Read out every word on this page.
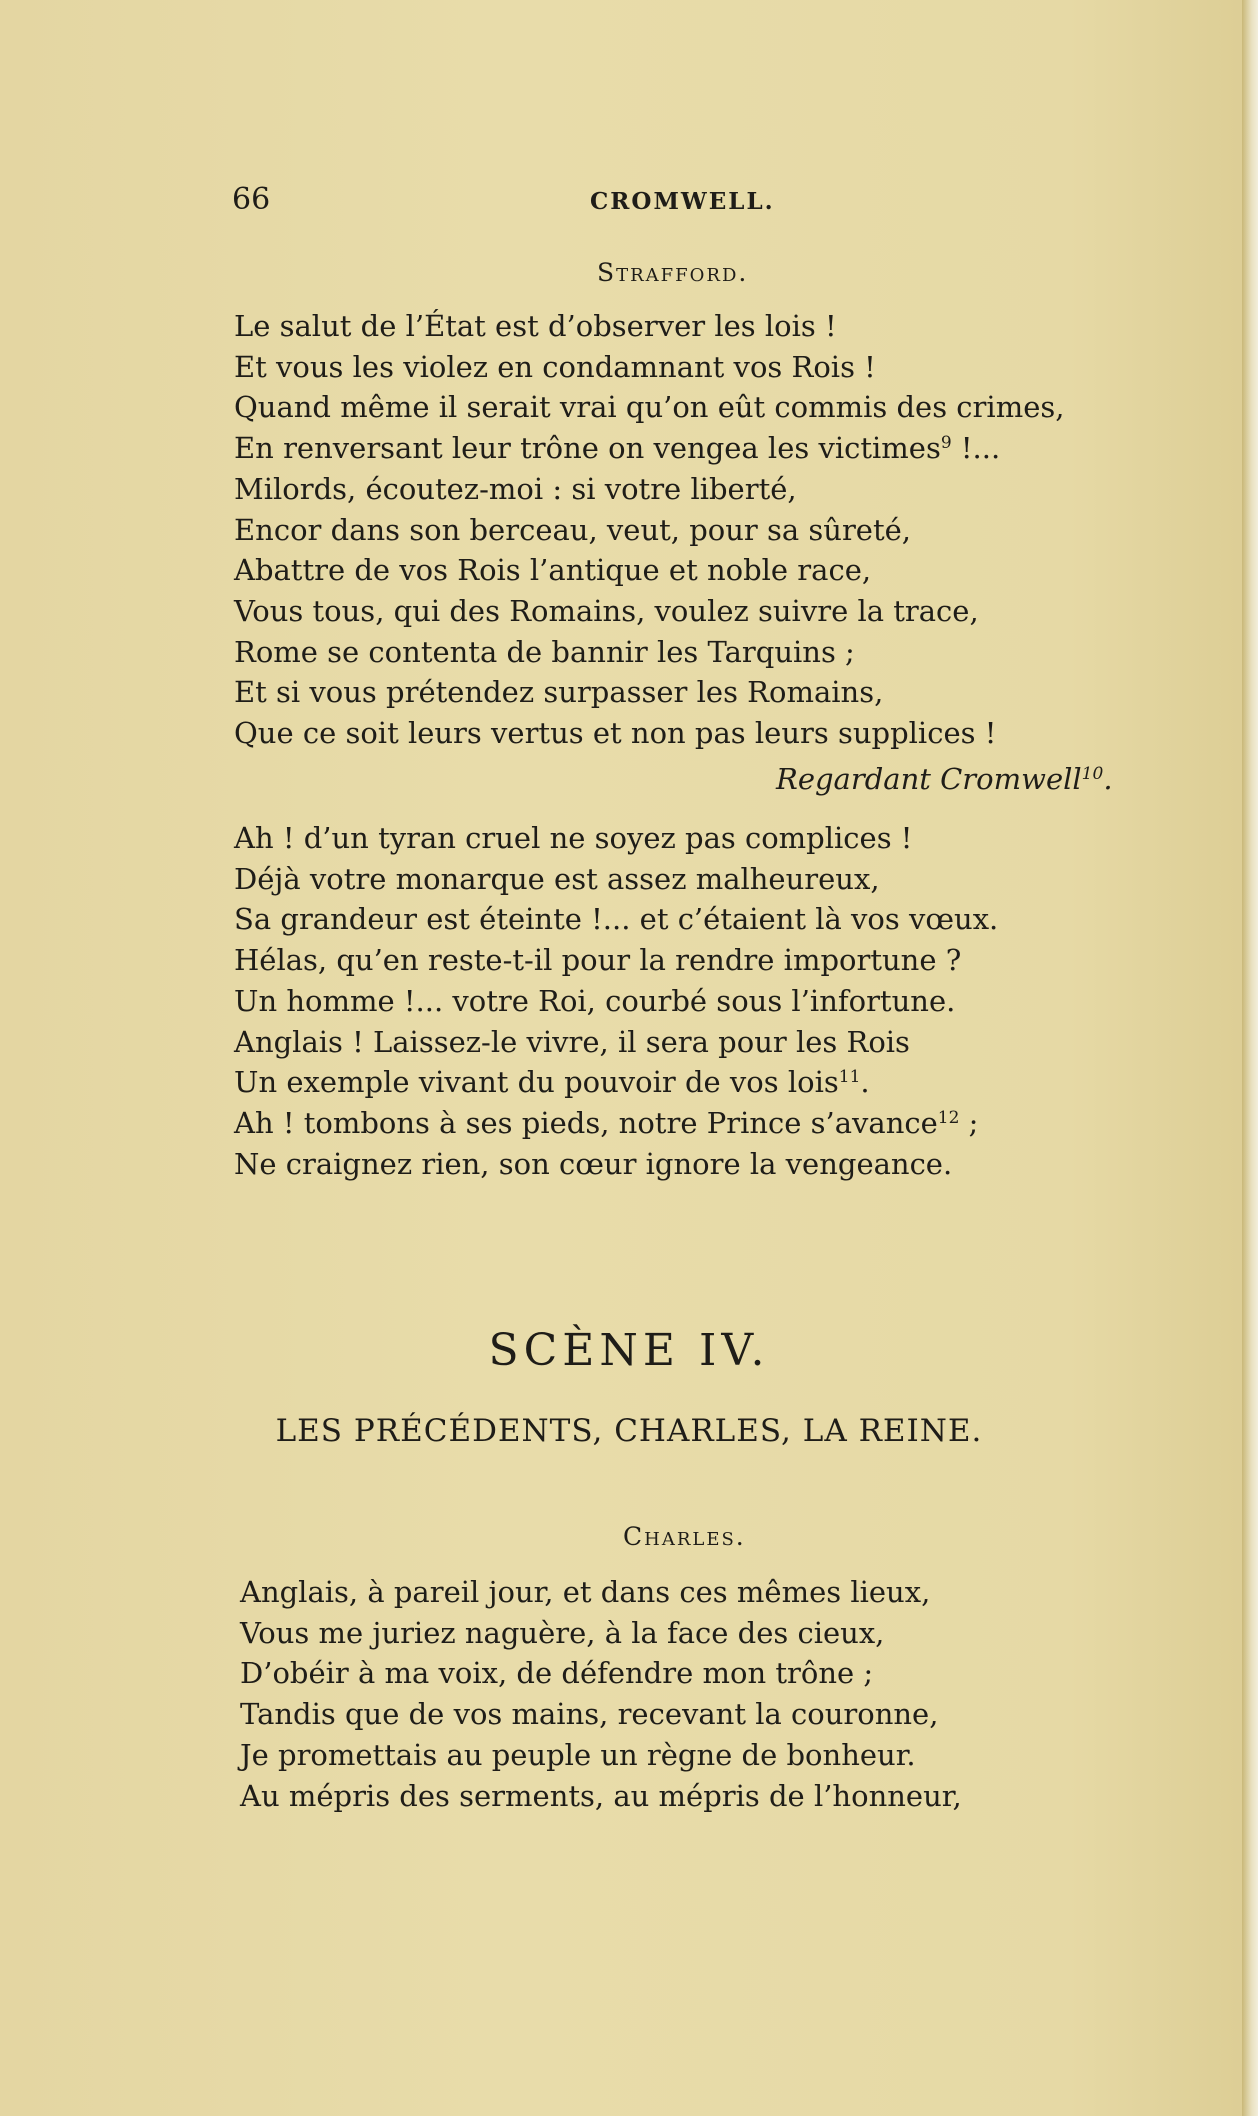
66	CROMWELL.
Strafford.
Le salut de l’État est d’observer les lois !
Et vous les violez en condamnant vos Rois !
Quand même il serait vrai qu’on eût commis des crimes,
En renversant leur trône on vengea les victimes$^9$ !...
Milords, écoutez-moi : si votre liberté,
Encor dans son berceau, veut, pour sa sûreté,
Abattre de vos Rois l’antique et noble race,
Vous tous, qui des Romains, voulez suivre la trace,
Rome se contenta de bannir les Tarquins ;
Et si vous prétendez surpasser les Romains,
Que ce soit leurs vertus et non pas leurs supplices !
Regardant Cromwell$^{10}$.
Ah ! d’un tyran cruel ne soyez pas complices !
Déjà votre monarque est assez malheureux,
Sa grandeur est éteinte !... et c’étaient là vos vœux.
Hélas, qu’en reste-t-il pour la rendre importune ?
Un homme !... votre Roi, courbé sous l’infortune.
Anglais ! Laissez-le vivre, il sera pour les Rois
Un exemple vivant du pouvoir de vos lois$^{11}$.
Ah ! tombons à ses pieds, notre Prince s’avance$^{12}$ ;
Ne craignez rien, son cœur ignore la vengeance.
SCÈNE IV.
LES PRÉCÉDENTS, CHARLES, LA REINE.
Charles.
Anglais, à pareil jour, et dans ces mêmes lieux,
Vous me juriez naguère, à la face des cieux,
D’obéir à ma voix, de défendre mon trône ;
Tandis que de vos mains, recevant la couronne,
Je promettais au peuple un règne de bonheur.
Au mépris des serments, au mépris de l’honneur,
